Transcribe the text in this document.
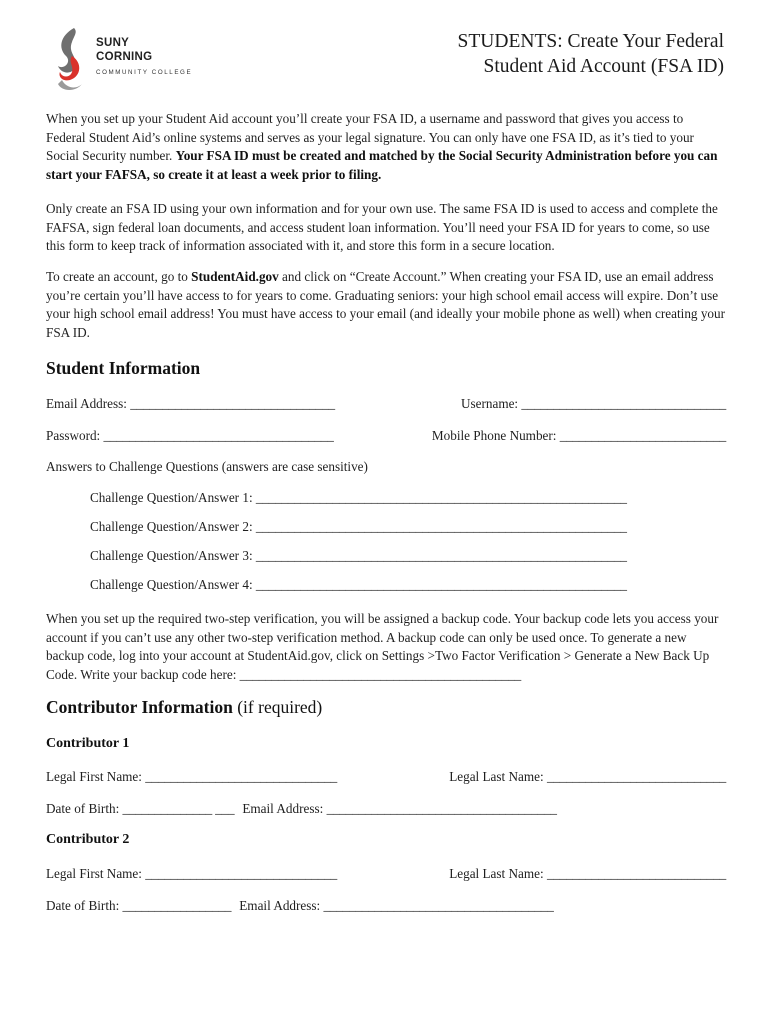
SUNY
CORNING
COMMUNITY COLLEGE
STUDENTS: Create Your Federal
Student Aid Account (FSA ID)

When you set up your Student Aid account you’ll create your FSA ID, a username and password that gives you access to Federal Student Aid’s online systems and serves as your legal signature. You can only have one FSA ID, as it’s tied to your Social Security number. Your FSA ID must be created and matched by the Social Security Administration before you can start your FAFSA, so create it at least a week prior to filing.

Only create an FSA ID using your own information and for your own use. The same FSA ID is used to access and complete the FAFSA, sign federal loan documents, and access student loan information. You’ll need your FSA ID for years to come, so use this form to keep track of information associated with it, and store this form in a secure location.

To create an account, go to StudentAid.gov and click on “Create Account.” When creating your FSA ID, use an email address you’re certain you’ll have access to for years to come. Graduating seniors: your high school email access will expire. Don’t use your high school email address! You must have access to your email (and ideally your mobile phone as well) when creating your FSA ID.

Student Information
Email Address: ________________________________	Username: ________________________________
Password: ____________________________________	Mobile Phone Number: __________________________
Answers to Challenge Questions (answers are case sensitive)
Challenge Question/Answer 1: __________________________________________________________
Challenge Question/Answer 2: __________________________________________________________
Challenge Question/Answer 3: __________________________________________________________
Challenge Question/Answer 4: __________________________________________________________

When you set up the required two-step verification, you will be assigned a backup code. Your backup code lets you access your account if you can’t use any other two-step verification method. A backup code can only be used once. To generate a new backup code, log into your account at StudentAid.gov, click on Settings >Two Factor Verification > Generate a New Back Up Code. Write your backup code here: ____________________________________________

Contributor Information (if required)
Contributor 1
Legal First Name: ______________________________	Legal Last Name: ____________________________
Date of Birth: ______________ ___ Email Address: ____________________________________
Contributor 2
Legal First Name: ______________________________	Legal Last Name: ____________________________
Date of Birth: _________________ Email Address: ____________________________________
